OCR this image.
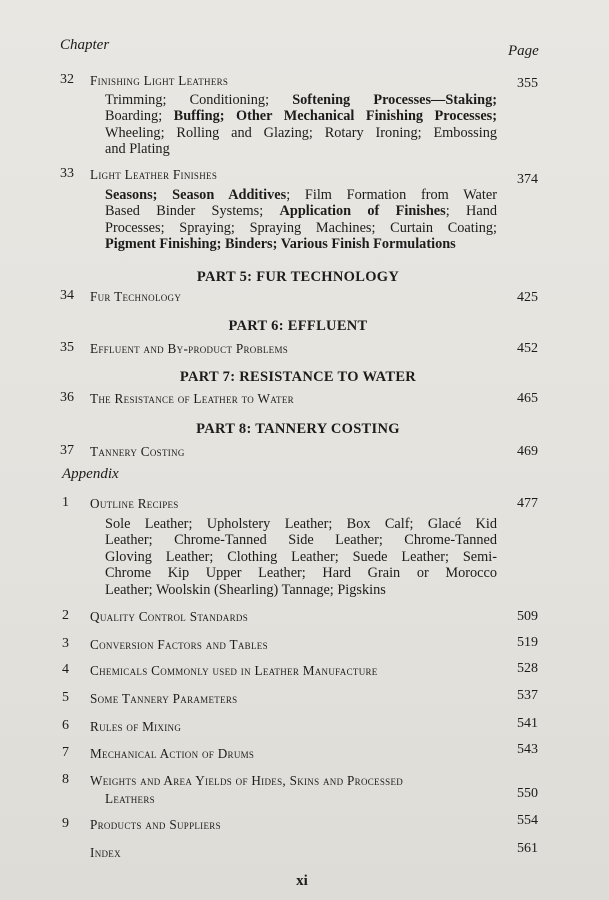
Chapter	Page
32 Finishing Light Leathers	355
Trimming; Conditioning; Softening Processes—Staking;
Boarding; Buffing; Other Mechanical Finishing Processes;
Wheeling; Rolling and Glazing; Rotary Ironing; Embossing
and Plating
33 Light Leather Finishes	374
Seasons; Season Additives; Film Formation from Water
Based Binder Systems; Application of Finishes; Hand
Processes; Spraying; Spraying Machines; Curtain Coating;
Pigment Finishing; Binders; Various Finish Formulations
PART 5: FUR TECHNOLOGY
34 Fur Technology	425
PART 6: EFFLUENT
35 Effluent and By-product Problems	452
PART 7: RESISTANCE TO WATER
36 The Resistance of Leather to Water	465
PART 8: TANNERY COSTING
37 Tannery Costing	469
Appendix
1 Outline Recipes	477
Sole Leather; Upholstery Leather; Box Calf; Glacé Kid
Leather; Chrome-Tanned Side Leather; Chrome-Tanned
Gloving Leather; Clothing Leather; Suede Leather; Semi-
Chrome Kip Upper Leather; Hard Grain or Morocco
Leather; Woolskin (Shearling) Tannage; Pigskins
2 Quality Control Standards	509
3 Conversion Factors and Tables	519
4 Chemicals Commonly used in Leather Manufacture	528
5 Some Tannery Parameters	537
6 Rules of Mixing	541
7 Mechanical Action of Drums	543
8 Weights and Area Yields of Hides, Skins and Processed
Leathers	550
9 Products and Suppliers	554
Index	561
xi
